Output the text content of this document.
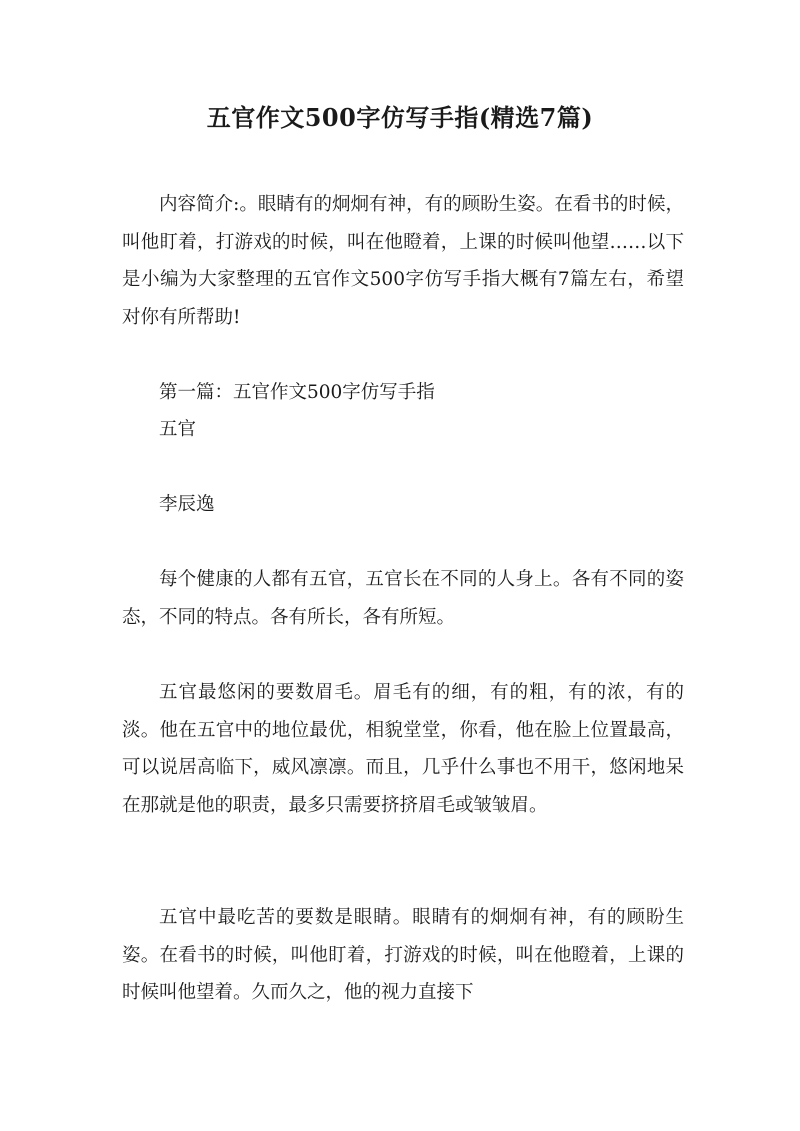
五官作文500字仿写手指(精选7篇)

内容简介:。眼睛有的炯炯有神，有的顾盼生姿。在看书的时候，叫他盯着，打游戏的时候，叫在他瞪着，上课的时候叫他望……以下是小编为大家整理的五官作文500字仿写手指大概有7篇左右，希望对你有所帮助!

第一篇：五官作文500字仿写手指

五官

李辰逸

每个健康的人都有五官，五官长在不同的人身上。各有不同的姿态，不同的特点。各有所长，各有所短。

五官最悠闲的要数眉毛。眉毛有的细，有的粗，有的浓，有的淡。他在五官中的地位最优，相貌堂堂，你看，他在脸上位置最高，可以说居高临下，威风凛凛。而且，几乎什么事也不用干，悠闲地呆在那就是他的职责，最多只需要挤挤眉毛或皱皱眉。

五官中最吃苦的要数是眼睛。眼睛有的炯炯有神，有的顾盼生姿。在看书的时候，叫他盯着，打游戏的时候，叫在他瞪着，上课的时候叫他望着。久而久之，他的视力直接下
